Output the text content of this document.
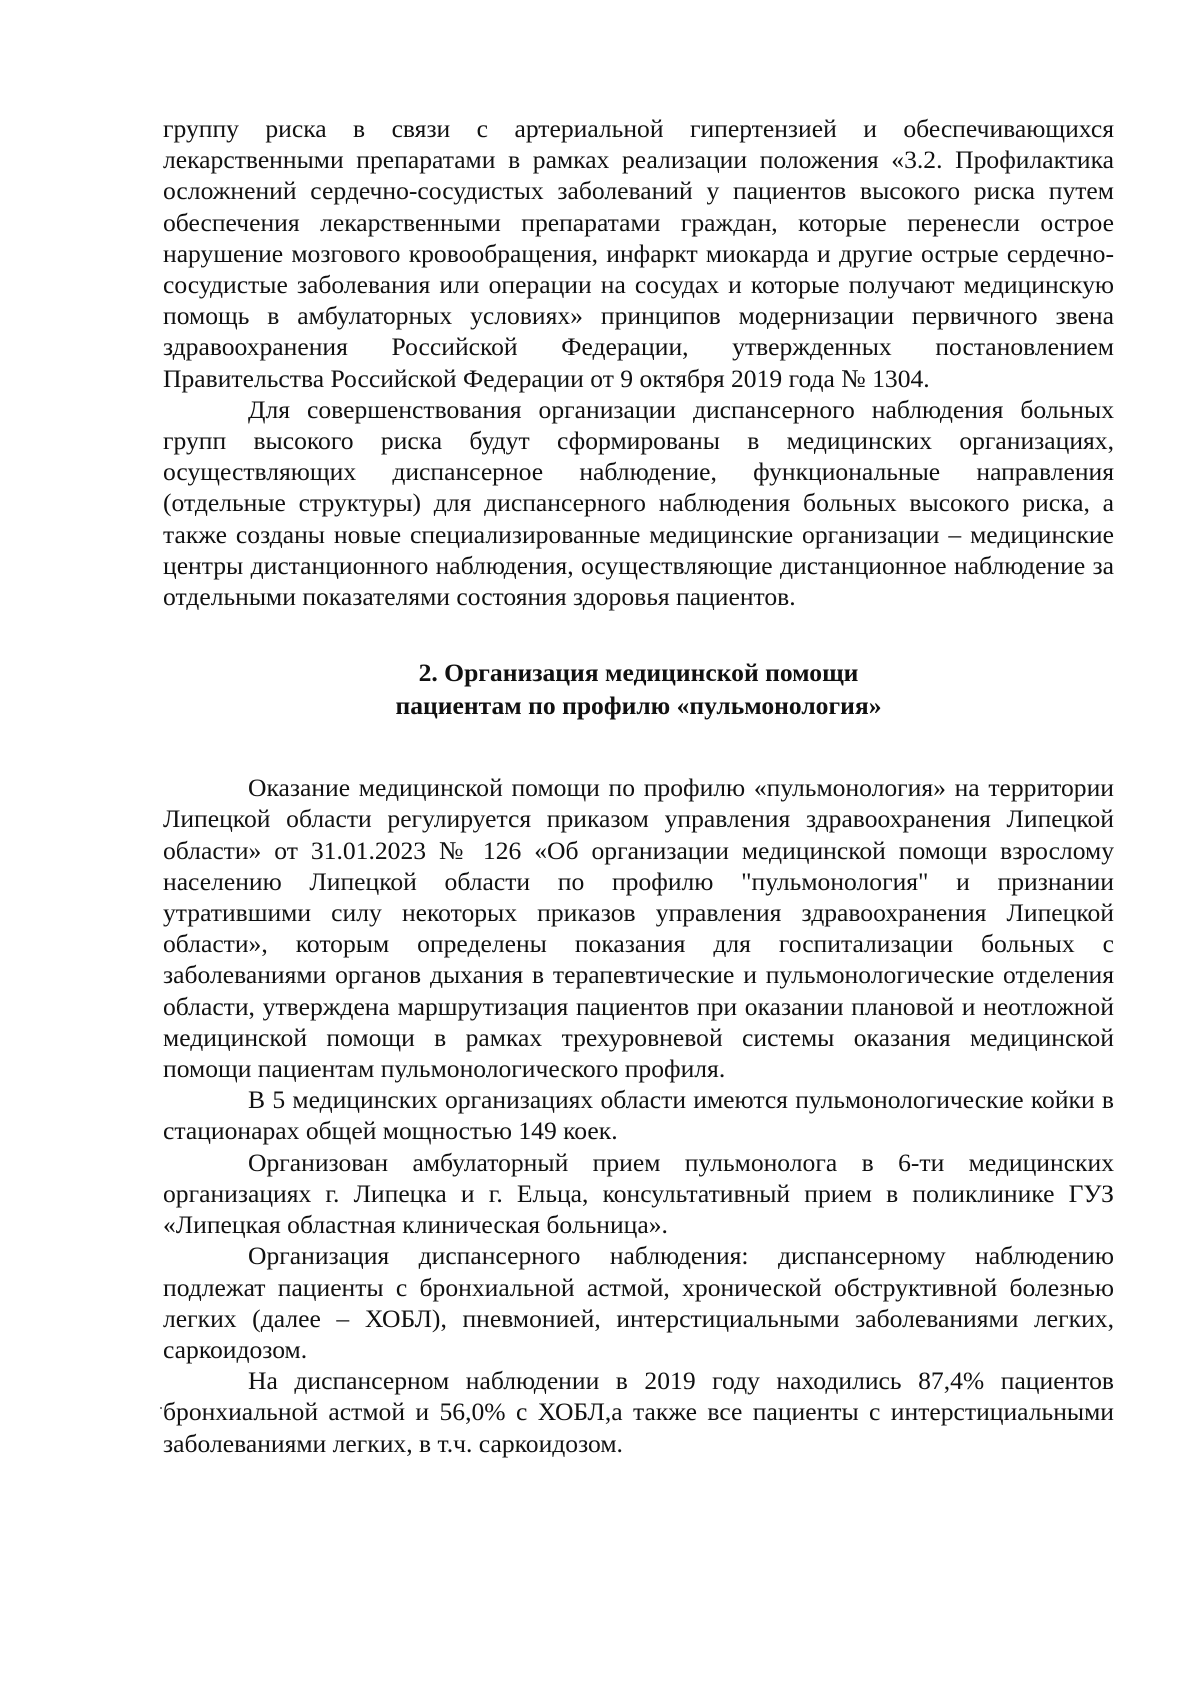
группу риска в связи с артериальной гипертензией и обеспечивающихся лекарственными препаратами в рамках реализации положения «3.2. Профилактика осложнений сердечно-сосудистых заболеваний у пациентов высокого риска путем обеспечения лекарственными препаратами граждан, которые перенесли острое нарушение мозгового кровообращения, инфаркт миокарда и другие острые сердечно-сосудистые заболевания или операции на сосудах и которые получают медицинскую помощь в амбулаторных условиях» принципов модернизации первичного звена здравоохранения Российской Федерации, утвержденных постановлением Правительства Российской Федерации от 9 октября 2019 года № 1304.

Для совершенствования организации диспансерного наблюдения больных групп высокого риска будут сформированы в медицинских организациях, осуществляющих диспансерное наблюдение, функциональные направления (отдельные структуры) для диспансерного наблюдения больных высокого риска, а также созданы новые специализированные медицинские организации – медицинские центры дистанционного наблюдения, осуществляющие дистанционное наблюдение за отдельными показателями состояния здоровья пациентов.

2. Организация медицинской помощи
пациентам по профилю «пульмонология»

Оказание медицинской помощи по профилю «пульмонология» на территории Липецкой области регулируется приказом управления здравоохранения Липецкой области» от 31.01.2023 № 126 «Об организации медицинской помощи взрослому населению Липецкой области по профилю "пульмонология" и признании утратившими силу некоторых приказов управления здравоохранения Липецкой области», которым определены показания для госпитализации больных с заболеваниями органов дыхания в терапевтические и пульмонологические отделения области, утверждена маршрутизация пациентов при оказании плановой и неотложной медицинской помощи в рамках трехуровневой системы оказания медицинской помощи пациентам пульмонологического профиля.

В 5 медицинских организациях области имеются пульмонологические койки в стационарах общей мощностью 149 коек.

Организован амбулаторный прием пульмонолога в 6-ти медицинских организациях г. Липецка и г. Ельца, консультативный прием в поликлинике ГУЗ «Липецкая областная клиническая больница».

Организация диспансерного наблюдения: диспансерному наблюдению подлежат пациенты с бронхиальной астмой, хронической обструктивной болезнью легких (далее – ХОБЛ), пневмонией, интерстициальными заболеваниями легких, саркоидозом.

На диспансерном наблюдении в 2019 году находились 87,4% пациентов бронхиальной астмой и 56,0% с ХОБЛ,а также все пациенты с интерстициальными заболеваниями легких, в т.ч. саркоидозом.
